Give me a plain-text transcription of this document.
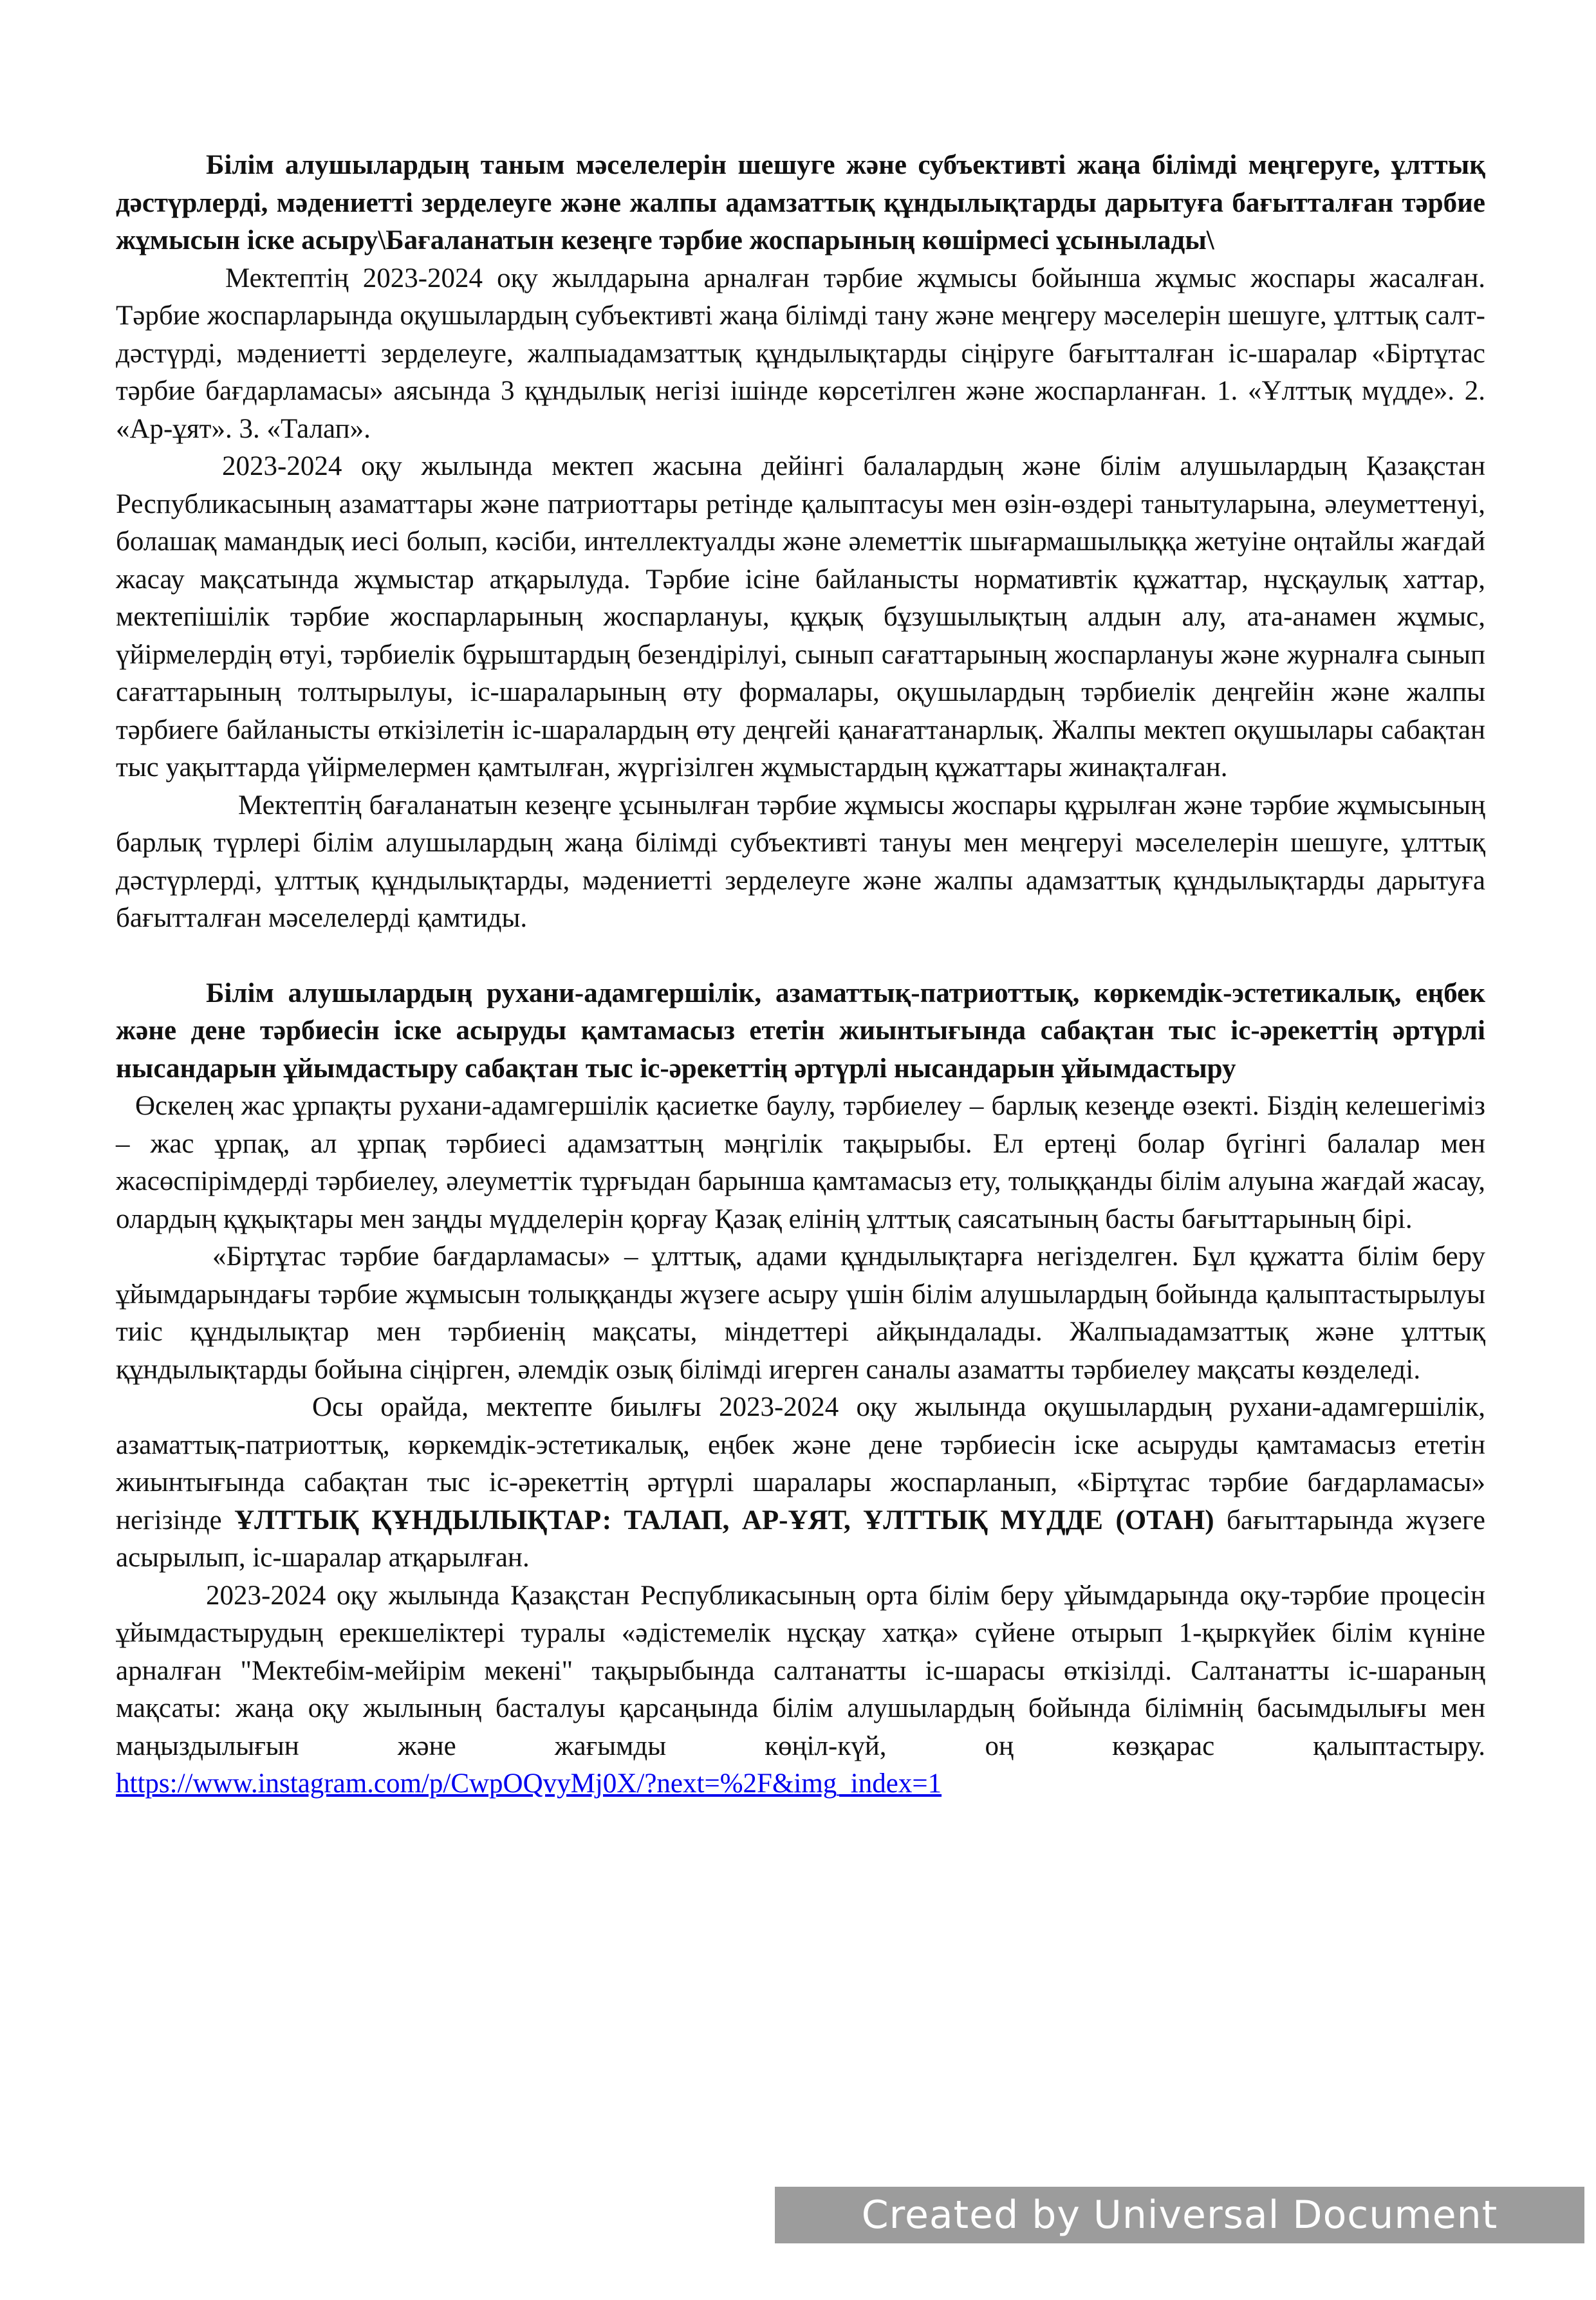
Білім алушылардың таным мәселелерін шешуге және субъективті жаңа білімді меңгеруге, ұлттық дәстүрлерді, мәдениетті зерделеуге және жалпы адамзаттық құндылықтарды дарытуға бағытталған тәрбие жұмысын іске асыру\Бағаланатын кезеңге тәрбие жоспарының көшірмесі ұсынылады\

Мектептің 2023-2024 оқу жылдарына арналған тәрбие жұмысы бойынша жұмыс жоспары жасалған. Тәрбие жоспарларында оқушылардың субъективті жаңа білімді тану және меңгеру мәселерін шешуге, ұлттық салт-дәстүрді, мәдениетті зерделеуге, жалпыадамзаттық құндылықтарды сіңіруге бағытталған іс-шаралар «Біртұтас тәрбие бағдарламасы» аясында 3 құндылық негізі ішінде көрсетілген және жоспарланған. 1. «Ұлттық мүдде». 2. «Ар-ұят». 3. «Талап».

2023-2024 оқу жылында мектеп жасына дейінгі балалардың және білім алушылардың Қазақстан Республикасының азаматтары және патриоттары ретінде қалыптасуы мен өзін-өздері танытуларына, әлеуметтенуі, болашақ мамандық иесі болып, кәсіби, интеллектуалды және әлеметтік шығармашылыққа жетуіне оңтайлы жағдай жасау мақсатында жұмыстар атқарылуда. Тәрбие ісіне байланысты нормативтік құжаттар, нұсқаулық хаттар, мектепішілік тәрбие жоспарларының жоспарлануы, құқық бұзушылықтың алдын алу, ата-анамен жұмыс, үйірмелердің өтуі, тәрбиелік бұрыштардың безендірілуі, сынып сағаттарының жоспарлануы және журналға сынып сағаттарының толтырылуы, іс-шараларының өту формалары, оқушылардың тәрбиелік деңгейін және жалпы тәрбиеге байланысты өткізілетін іс-шаралардың өту деңгейі қанағаттанарлық. Жалпы мектеп оқушылары сабақтан тыс уақыттарда үйірмелермен қамтылған, жүргізілген жұмыстардың құжаттары жинақталған.

Мектептің бағаланатын кезеңге ұсынылған тәрбие жұмысы жоспары құрылған және тәрбие жұмысының барлық түрлері білім алушылардың жаңа білімді субъективті тануы мен меңгеруі мәселелерін шешуге, ұлттық дәстүрлерді, ұлттық құндылықтарды, мәдениетті зерделеуге және жалпы адамзаттық құндылықтарды дарытуға бағытталған мәселелерді қамтиды.

Білім алушылардың рухани-адамгершілік, азаматтық-патриоттық, көркемдік-эстетикалық, еңбек және дене тәрбиесін іске асыруды қамтамасыз ететін жиынтығында сабақтан тыс іс-әрекеттің әртүрлі нысандарын ұйымдастыру сабақтан тыс іс-әрекеттің әртүрлі нысандарын ұйымдастыру

Өскелең жас ұрпақты рухани-адамгершілік қасиетке баулу, тәрбиелеу – барлық кезеңде өзекті. Біздің келешегіміз – жас ұрпақ, ал ұрпақ тәрбиесі адамзаттың мәңгілік тақырыбы. Ел ертеңі болар бүгінгі балалар мен жасөспірімдерді тәрбиелеу, әлеуметтік тұрғыдан барынша қамтамасыз ету, толыққанды білім алуына жағдай жасау, олардың құқықтары мен заңды мүдделерін қорғау Қазақ елінің ұлттық саясатының басты бағыттарының бірі.

«Біртұтас тәрбие бағдарламасы» – ұлттық, адами құндылықтарға негізделген. Бұл құжатта білім беру ұйымдарындағы тәрбие жұмысын толыққанды жүзеге асыру үшін білім алушылардың бойында қалыптастырылуы тиіс құндылықтар мен тәрбиенің мақсаты, міндеттері айқындалады. Жалпыадамзаттық және ұлттық құндылықтарды бойына сіңірген, әлемдік озық білімді игерген саналы азаматты тәрбиелеу мақсаты көзделеді.

Осы орайда, мектепте биылғы 2023-2024 оқу жылында оқушылардың рухани-адамгершілік, азаматтық-патриоттық, көркемдік-эстетикалық, еңбек және дене тәрбиесін іске асыруды қамтамасыз ететін жиынтығында сабақтан тыс іс-әрекеттің әртүрлі шаралары жоспарланып, «Біртұтас тәрбие бағдарламасы» негізінде ҰЛТТЫҚ ҚҰНДЫЛЫҚТАР: ТАЛАП, АР-ҰЯТ, ҰЛТТЫҚ МҮДДЕ (ОТАН) бағыттарында жүзеге асырылып, іс-шаралар атқарылған.

2023-2024 оқу жылында Қазақстан Республикасының орта білім беру ұйымдарында оқу-тәрбие процесін ұйымдастырудың ерекшеліктері туралы «әдістемелік нұсқау хатқа» сүйене отырып 1-қыркүйек білім күніне арналған "Мектебім-мейірім мекені" тақырыбында салтанатты іс-шарасы өткізілді. Салтанатты іс-шараның мақсаты: жаңа оқу жылының басталуы қарсаңында білім алушылардың бойында білімнің басымдылығы мен маңыздылығын және жағымды көңіл-күй, оң көзқарас қалыптастыру.

https://www.instagram.com/p/CwpOQvyMj0X/?next=%2F&img_index=1

Created by Universal Document Converter
